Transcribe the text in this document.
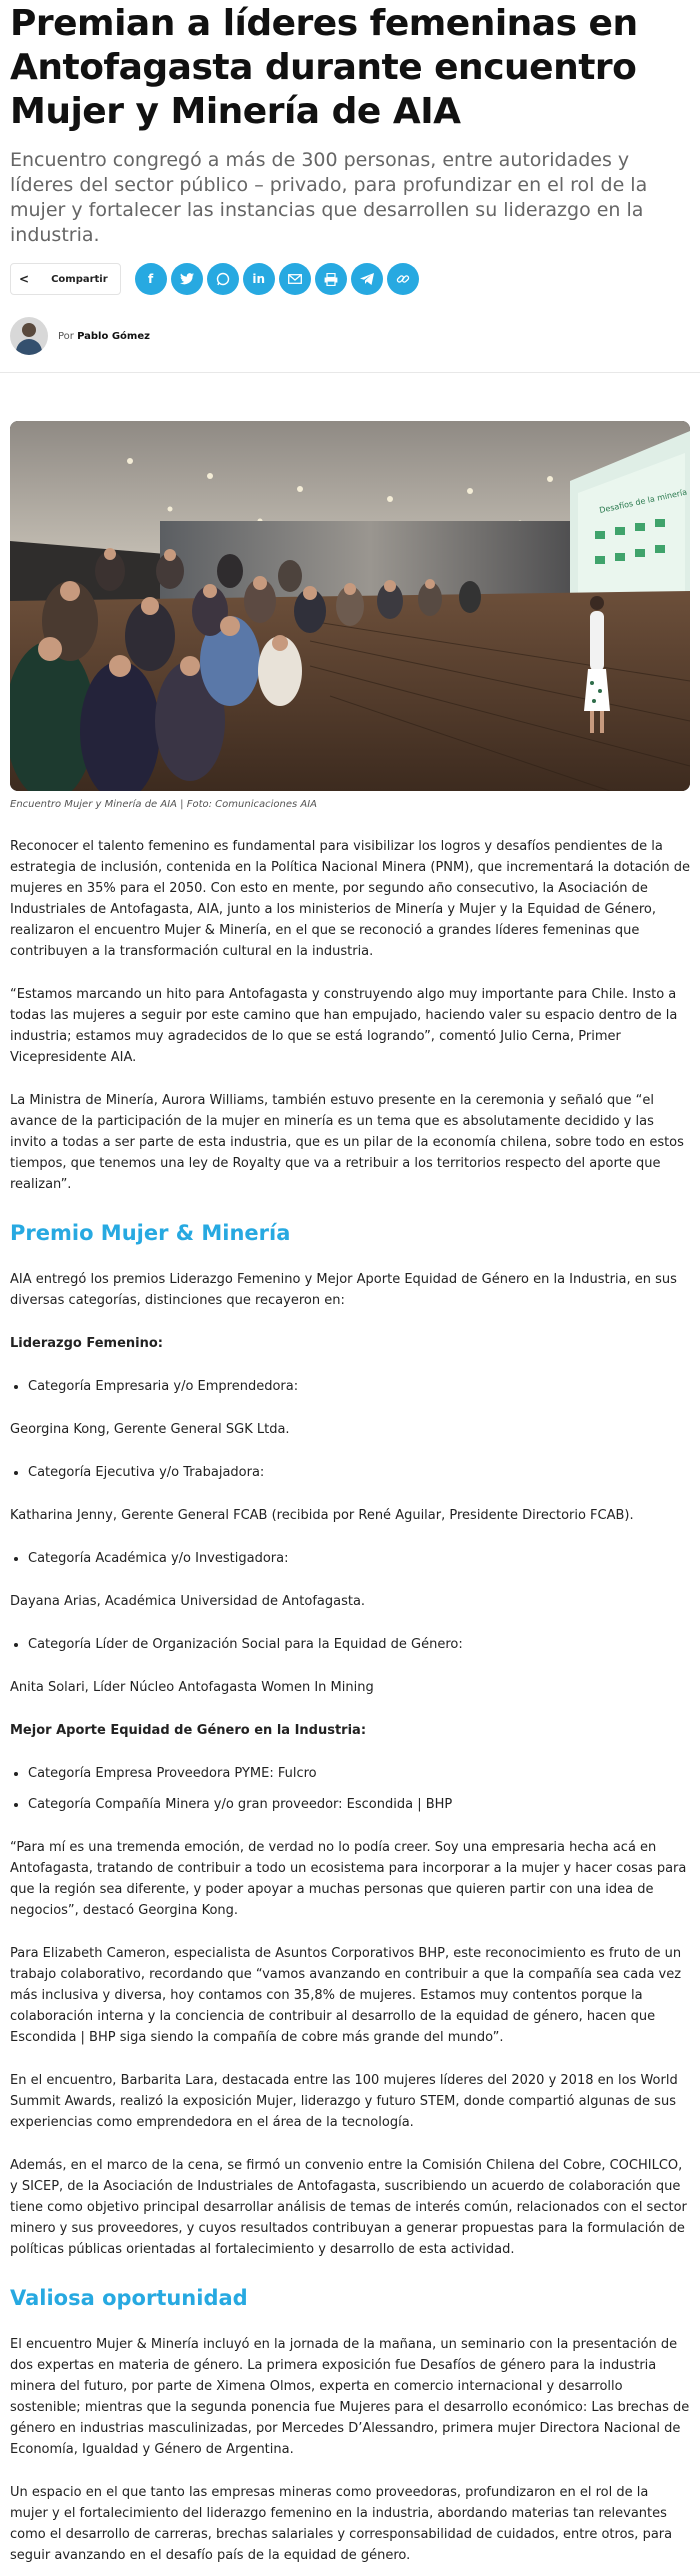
Premian a líderes femeninas en Antofagasta durante encuentro Mujer y Minería de AIA

Encuentro congregó a más de 300 personas, entre autoridades y líderes del sector público – privado, para profundizar en el rol de la mujer y fortalecer las instancias que desarrollen su liderazgo en la industria.

< Compartir	f	in
Por Pablo Gómez
Desafíos de la minería

Encuentro Mujer y Minería de AIA | Foto: Comunicaciones AIA

Reconocer el talento femenino es fundamental para visibilizar los logros y desafíos pendientes de la estrategia de inclusión, contenida en la Política Nacional Minera (PNM), que incrementará la dotación de mujeres en 35% para el 2050. Con esto en mente, por segundo año consecutivo, la Asociación de Industriales de Antofagasta, AIA, junto a los ministerios de Minería y Mujer y la Equidad de Género, realizaron el encuentro Mujer & Minería, en el que se reconoció a grandes líderes femeninas que contribuyen a la transformación cultural en la industria.

“Estamos marcando un hito para Antofagasta y construyendo algo muy importante para Chile. Insto a todas las mujeres a seguir por este camino que han empujado, haciendo valer su espacio dentro de la industria; estamos muy agradecidos de lo que se está logrando”, comentó Julio Cerna, Primer Vicepresidente AIA.

La Ministra de Minería, Aurora Williams, también estuvo presente en la ceremonia y señaló que “el avance de la participación de la mujer en minería es un tema que es absolutamente decidido y las invito a todas a ser parte de esta industria, que es un pilar de la economía chilena, sobre todo en estos tiempos, que tenemos una ley de Royalty que va a retribuir a los territorios respecto del aporte que realizan”.

Premio Mujer & Minería

AIA entregó los premios Liderazgo Femenino y Mejor Aporte Equidad de Género en la Industria, en sus diversas categorías, distinciones que recayeron en:

Liderazgo Femenino:

• Categoría Empresaria y/o Emprendedora:

Georgina Kong, Gerente General SGK Ltda.

• Categoría Ejecutiva y/o Trabajadora:

Katharina Jenny, Gerente General FCAB (recibida por René Aguilar, Presidente Directorio FCAB).

• Categoría Académica y/o Investigadora:

Dayana Arias, Académica Universidad de Antofagasta.

• Categoría Líder de Organización Social para la Equidad de Género:

Anita Solari, Líder Núcleo Antofagasta Women In Mining

Mejor Aporte Equidad de Género en la Industria:

• Categoría Empresa Proveedora PYME: Fulcro
• Categoría Compañía Minera y/o gran proveedor: Escondida | BHP

“Para mí es una tremenda emoción, de verdad no lo podía creer. Soy una empresaria hecha acá en Antofagasta, tratando de contribuir a todo un ecosistema para incorporar a la mujer y hacer cosas para que la región sea diferente, y poder apoyar a muchas personas que quieren partir con una idea de negocios”, destacó Georgina Kong.

Para Elizabeth Cameron, especialista de Asuntos Corporativos BHP, este reconocimiento es fruto de un trabajo colaborativo, recordando que “vamos avanzando en contribuir a que la compañía sea cada vez más inclusiva y diversa, hoy contamos con 35,8% de mujeres. Estamos muy contentos porque la colaboración interna y la conciencia de contribuir al desarrollo de la equidad de género, hacen que Escondida | BHP siga siendo la compañía de cobre más grande del mundo”.

En el encuentro, Barbarita Lara, destacada entre las 100 mujeres líderes del 2020 y 2018 en los World Summit Awards, realizó la exposición Mujer, liderazgo y futuro STEM, donde compartió algunas de sus experiencias como emprendedora en el área de la tecnología.

Además, en el marco de la cena, se firmó un convenio entre la Comisión Chilena del Cobre, COCHILCO, y SICEP, de la Asociación de Industriales de Antofagasta, suscribiendo un acuerdo de colaboración que tiene como objetivo principal desarrollar análisis de temas de interés común, relacionados con el sector minero y sus proveedores, y cuyos resultados contribuyan a generar propuestas para la formulación de políticas públicas orientadas al fortalecimiento y desarrollo de esta actividad.

Valiosa oportunidad

El encuentro Mujer & Minería incluyó en la jornada de la mañana, un seminario con la presentación de dos expertas en materia de género. La primera exposición fue Desafíos de género para la industria minera del futuro, por parte de Ximena Olmos, experta en comercio internacional y desarrollo sostenible; mientras que la segunda ponencia fue Mujeres para el desarrollo económico: Las brechas de género en industrias masculinizadas, por Mercedes D’Alessandro, primera mujer Directora Nacional de Economía, Igualdad y Género de Argentina.

Un espacio en el que tanto las empresas mineras como proveedoras, profundizaron en el rol de la mujer y el fortalecimiento del liderazgo femenino en la industria, abordando materias tan relevantes como el desarrollo de carreras, brechas salariales y corresponsabilidad de cuidados, entre otros, para seguir avanzando en el desafío país de la equidad de género.
